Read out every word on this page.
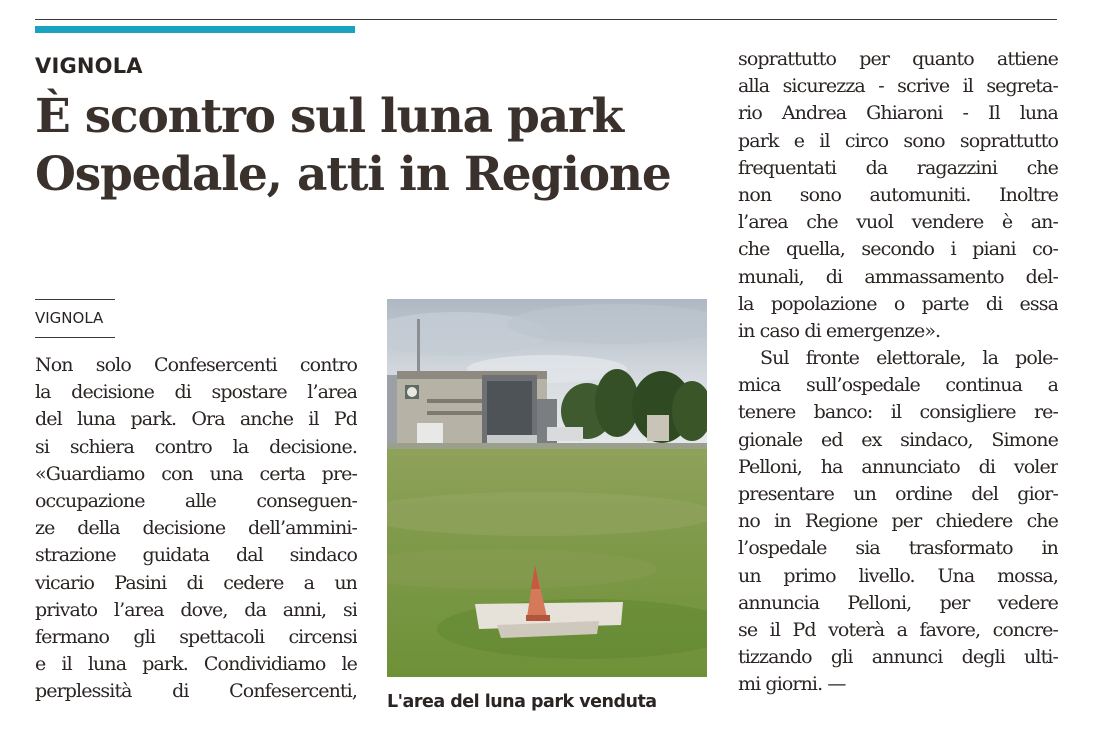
VIGNOLA
È scontro sul luna park
Ospedale, atti in Regione
VIGNOLA
Non solo Confesercenti contro
la decisione di spostare l’area
del luna park. Ora anche il Pd
si schiera contro la decisione.
«Guardiamo con una certa pre-
occupazione alle conseguen-
ze della decisione dell’ammini-
strazione guidata dal sindaco
vicario Pasini di cedere a un
privato l’area dove, da anni, si
fermano gli spettacoli circensi
e il luna park. Condividiamo le
perplessità di Confesercenti, L'area del luna park venduta
soprattutto per quanto attiene
alla sicurezza - scrive il segreta-
rio Andrea Ghiaroni - Il luna
park e il circo sono soprattutto
frequentati da ragazzini che
non sono automuniti. Inoltre
l’area che vuol vendere è an-
che quella, secondo i piani co-
munali, di ammassamento del-
la popolazione o parte di essa
in caso di emergenze».
Sul fronte elettorale, la pole-
mica sull’ospedale continua a
tenere banco: il consigliere re-
gionale ed ex sindaco, Simone
Pelloni, ha annunciato di voler
presentare un ordine del gior-
no in Regione per chiedere che
l’ospedale sia trasformato in
un primo livello. Una mossa,
annuncia Pelloni, per vedere
se il Pd voterà a favore, concre-
tizzando gli annunci degli ulti-
mi giorni. —
